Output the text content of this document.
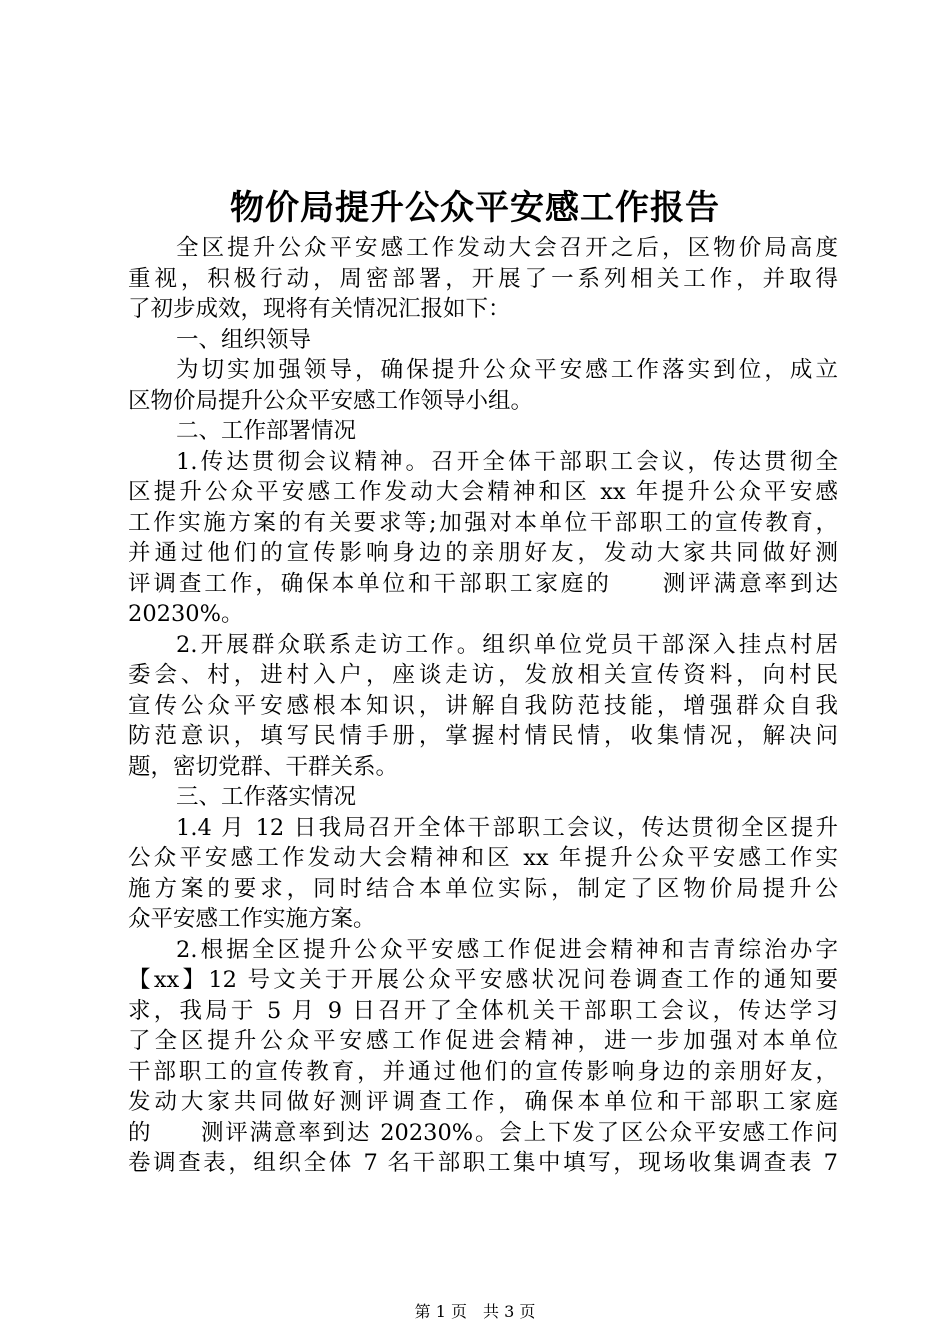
物价局提升公众平安感工作报告
全区提升公众平安感工作发动大会召开之后，区物价局高度
重视，积极行动，周密部署，开展了一系列相关工作，并取得
了初步成效，现将有关情况汇报如下：
一、组织领导
为切实加强领导，确保提升公众平安感工作落实到位，成立
区物价局提升公众平安感工作领导小组。
二、工作部署情况
1.传达贯彻会议精神。召开全体干部职工会议，传达贯彻全
区提升公众平安感工作发动大会精神和区 xx 年提升公众平安感
工作实施方案的有关要求等;加强对本单位干部职工的宣传教育，
并通过他们的宣传影响身边的亲朋好友，发动大家共同做好测
评调查工作，确保本单位和干部职工家庭的　　测评满意率到达
20230%。
2.开展群众联系走访工作。组织单位党员干部深入挂点村居
委会、村，进村入户，座谈走访，发放相关宣传资料，向村民
宣传公众平安感根本知识，讲解自我防范技能，增强群众自我
防范意识，填写民情手册，掌握村情民情，收集情况，解决问
题，密切党群、干群关系。
三、工作落实情况
1.4 月 12 日我局召开全体干部职工会议，传达贯彻全区提升
公众平安感工作发动大会精神和区 xx 年提升公众平安感工作实
施方案的要求，同时结合本单位实际，制定了区物价局提升公
众平安感工作实施方案。
2.根据全区提升公众平安感工作促进会精神和吉青综治办字
【xx】12 号文关于开展公众平安感状况问卷调查工作的通知要
求，我局于 5 月 9 日召开了全体机关干部职工会议，传达学习
了全区提升公众平安感工作促进会精神，进一步加强对本单位
干部职工的宣传教育，并通过他们的宣传影响身边的亲朋好友，
发动大家共同做好测评调查工作，确保本单位和干部职工家庭
的　　测评满意率到达 20230%。会上下发了区公众平安感工作问
卷调查表，组织全体 7 名干部职工集中填写，现场收集调查表 7
第 1 页　共 3 页
